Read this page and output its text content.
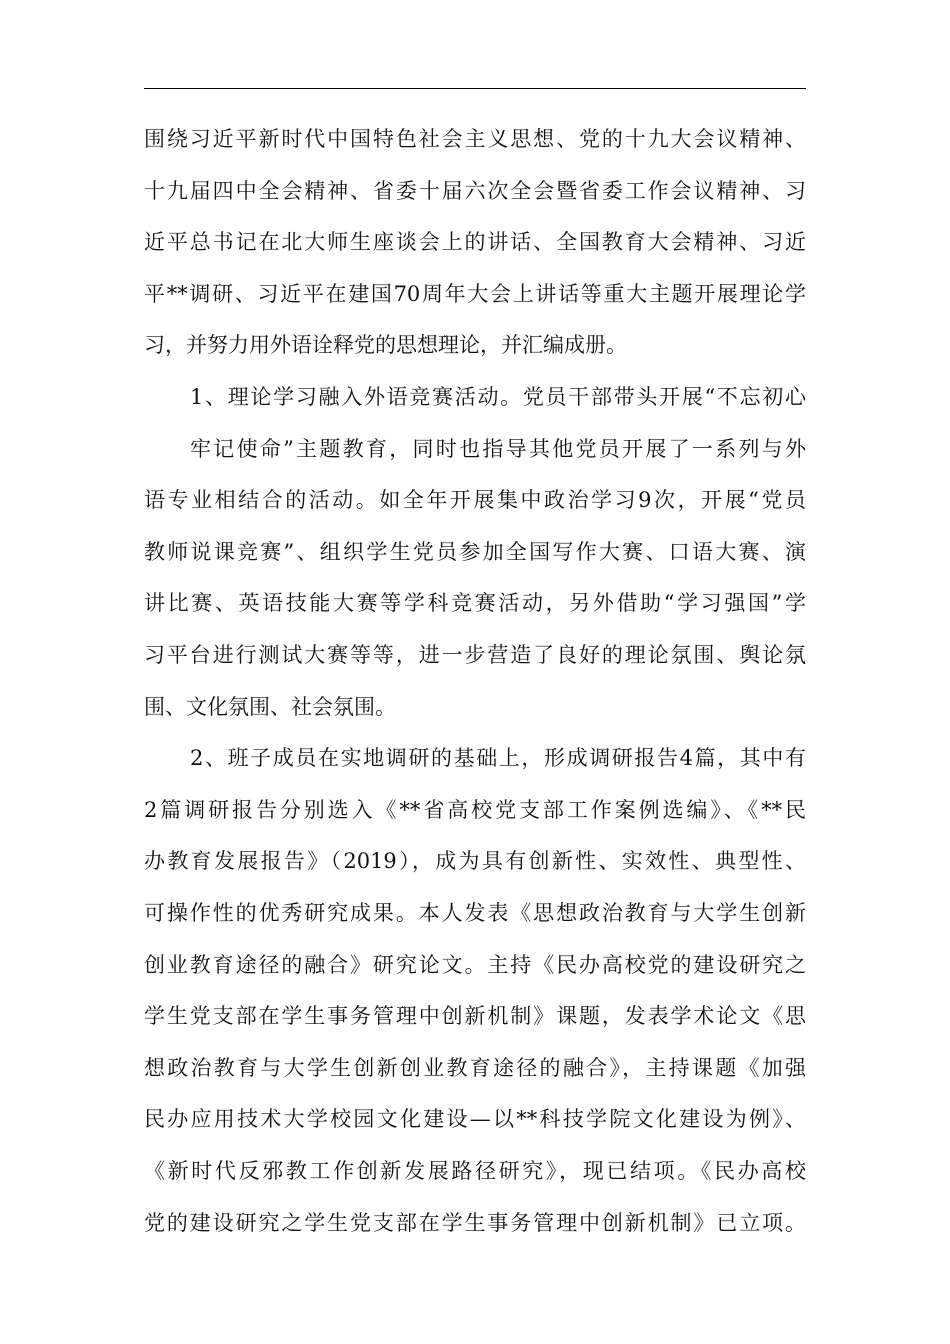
围绕习近平新时代中国特色社会主义思想、党的十九大会议精神、
十九届四中全会精神、省委十届六次全会暨省委工作会议精神、习
近平总书记在北大师生座谈会上的讲话、全国教育大会精神、习近
平**调研、习近平在建国70周年大会上讲话等重大主题开展理论学
习，并努力用外语诠释党的思想理论，并汇编成册。
1、理论学习融入外语竞赛活动。党员干部带头开展“不忘初心
牢记使命”主题教育，同时也指导其他党员开展了一系列与外
语专业相结合的活动。如全年开展集中政治学习9次，开展“党员
教师说课竞赛”、组织学生党员参加全国写作大赛、口语大赛、演
讲比赛、英语技能大赛等学科竞赛活动，另外借助“学习强国”学
习平台进行测试大赛等等，进一步营造了良好的理论氛围、舆论氛
围、文化氛围、社会氛围。
2、班子成员在实地调研的基础上，形成调研报告4篇，其中有
2篇调研报告分别选入《**省高校党支部工作案例选编》、《**民
办教育发展报告》（2019），成为具有创新性、实效性、典型性、
可操作性的优秀研究成果。本人发表《思想政治教育与大学生创新
创业教育途径的融合》研究论文。主持《民办高校党的建设研究之
学生党支部在学生事务管理中创新机制》课题，发表学术论文《思
想政治教育与大学生创新创业教育途径的融合》，主持课题《加强
民办应用技术大学校园文化建设—以**科技学院文化建设为例》、
《新时代反邪教工作创新发展路径研究》，现已结项。《民办高校
党的建设研究之学生党支部在学生事务管理中创新机制》已立项。
